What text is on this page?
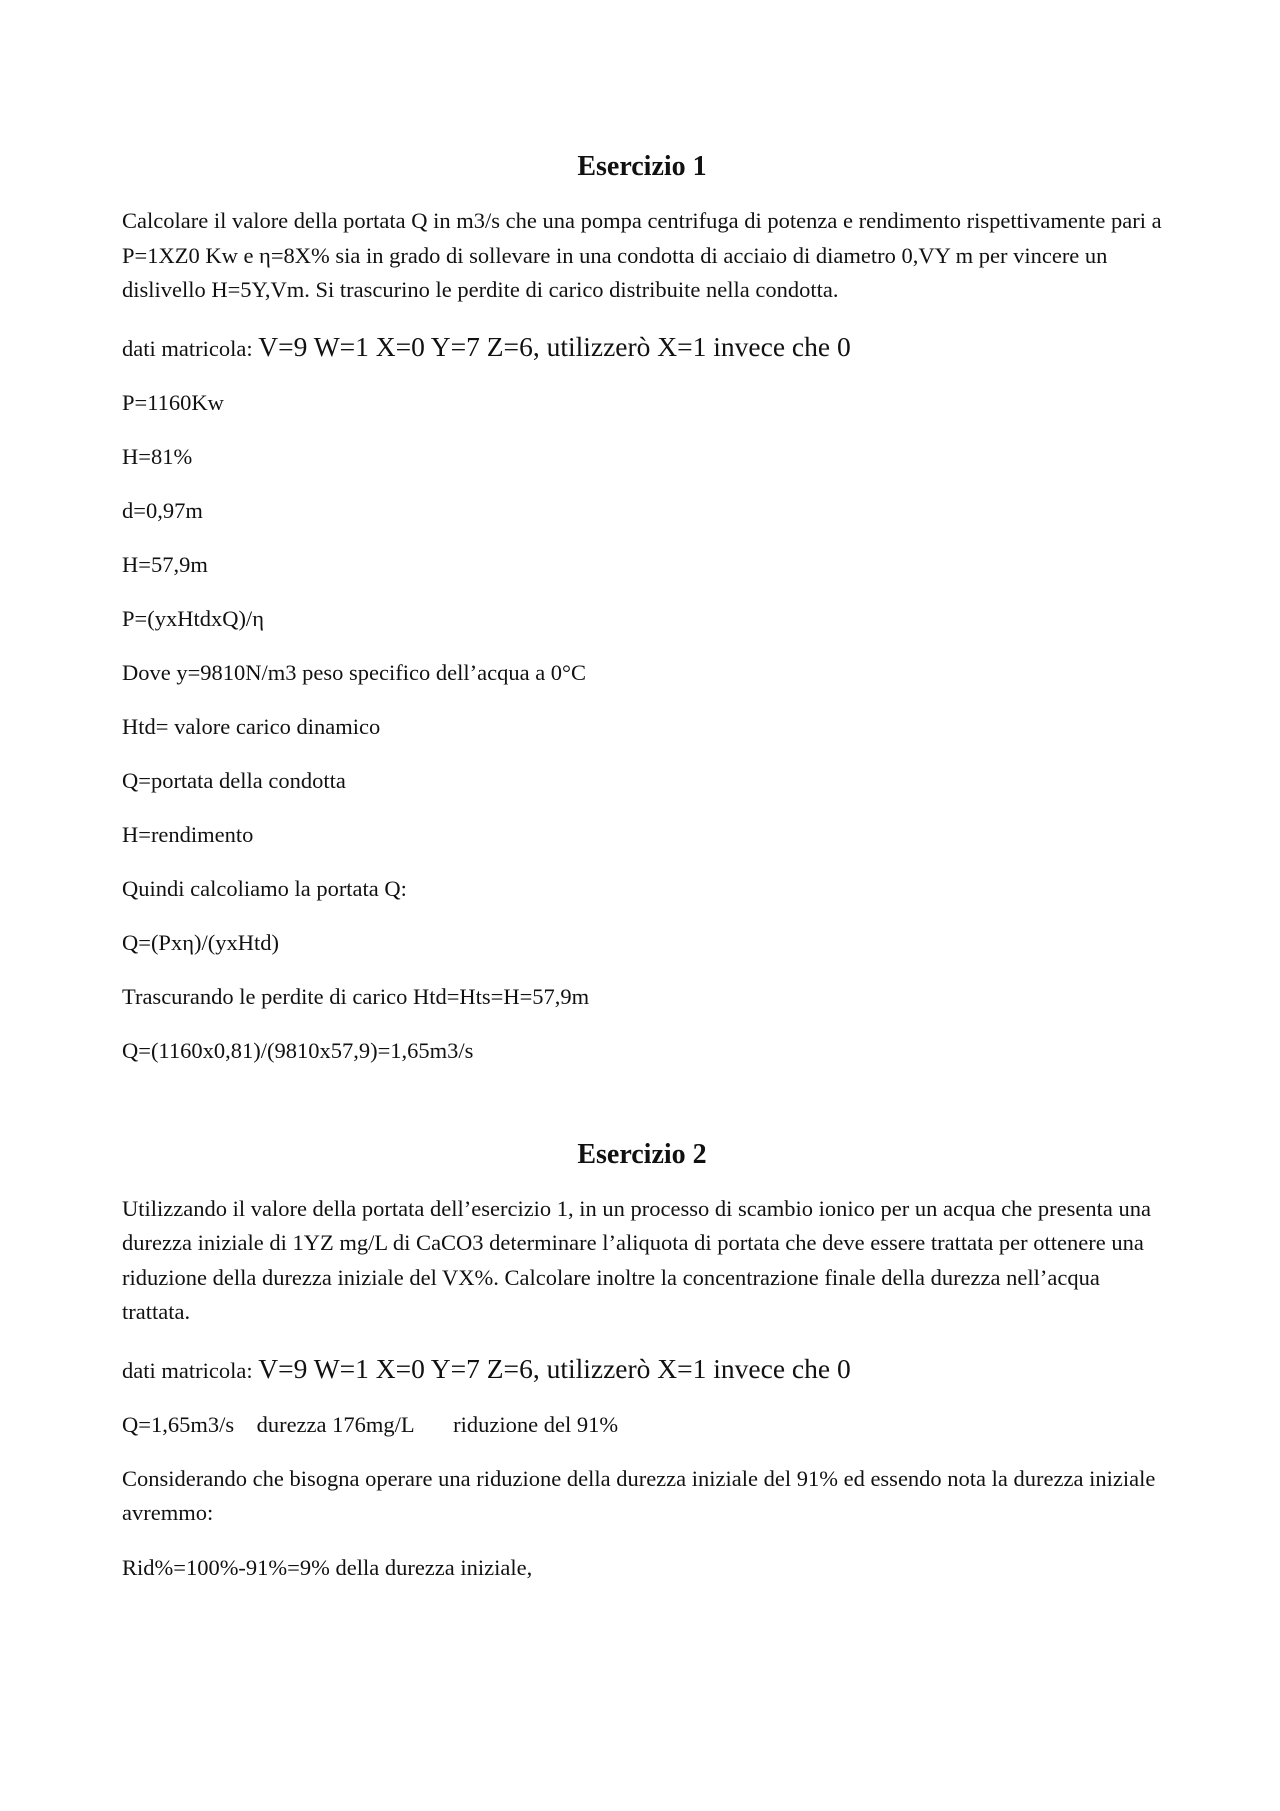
Esercizio 1

Calcolare il valore della portata Q in m3/s che una pompa centrifuga di potenza e rendimento rispettivamente pari a P=1XZ0 Kw e η=8X% sia in grado di sollevare in una condotta di acciaio di diametro 0,VY m per vincere un dislivello H=5Y,Vm. Si trascurino le perdite di carico distribuite nella condotta.

dati matricola: V=9 W=1 X=0 Y=7 Z=6, utilizzerò X=1 invece che 0

P=1160Kw

H=81%

d=0,97m

H=57,9m

P=(yxHtdxQ)/η

Dove y=9810N/m3 peso specifico dell’acqua a 0°C

Htd= valore carico dinamico

Q=portata della condotta

H=rendimento

Quindi calcoliamo la portata Q:

Q=(Pxη)/(yxHtd)

Trascurando le perdite di carico Htd=Hts=H=57,9m

Q=(1160x0,81)/(9810x57,9)=1,65m3/s

Esercizio 2

Utilizzando il valore della portata dell’esercizio 1, in un processo di scambio ionico per un acqua che presenta una durezza iniziale di 1YZ mg/L di CaCO3 determinare l’aliquota di portata che deve essere trattata per ottenere una riduzione della durezza iniziale del VX%. Calcolare inoltre la concentrazione finale della durezza nell’acqua trattata.

dati matricola: V=9 W=1 X=0 Y=7 Z=6, utilizzerò X=1 invece che 0

Q=1,65m3/s    durezza 176mg/L       riduzione del 91%

Considerando che bisogna operare una riduzione della durezza iniziale del 91% ed essendo nota la durezza iniziale avremmo:

Rid%=100%-91%=9% della durezza iniziale,
